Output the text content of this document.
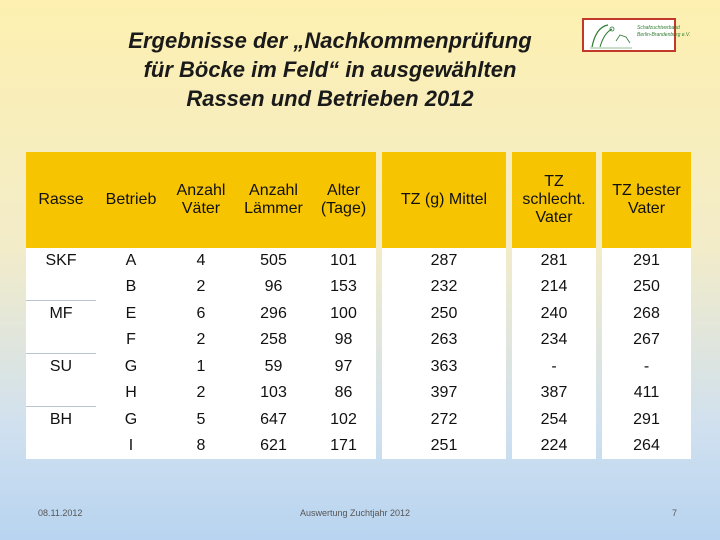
Ergebnisse der „Nachkommenprüfung
für Böcke im Feld“ in ausgewählten
Rassen und Betrieben 2012
Schafzuchtverband
Berlin-Brandenburg e.V.
Rasse	Betrieb	Anzahl Väter	Anzahl Lämmer	Alter (Tage)		TZ (g) Mittel		TZ schlecht. Vater		TZ bester Vater
SKF	A	4	505	101		287		281		291
	B	2	96	153		232		214		250
MF	E	6	296	100		250		240		268
	F	2	258	98		263		234		267
SU	G	1	59	97		363		-		-
	H	2	103	86		397		387		411
BH	G	5	647	102		272		254		291
	I	8	621	171		251		224		264
08.11.2012	Auswertung Zuchtjahr 2012	7
